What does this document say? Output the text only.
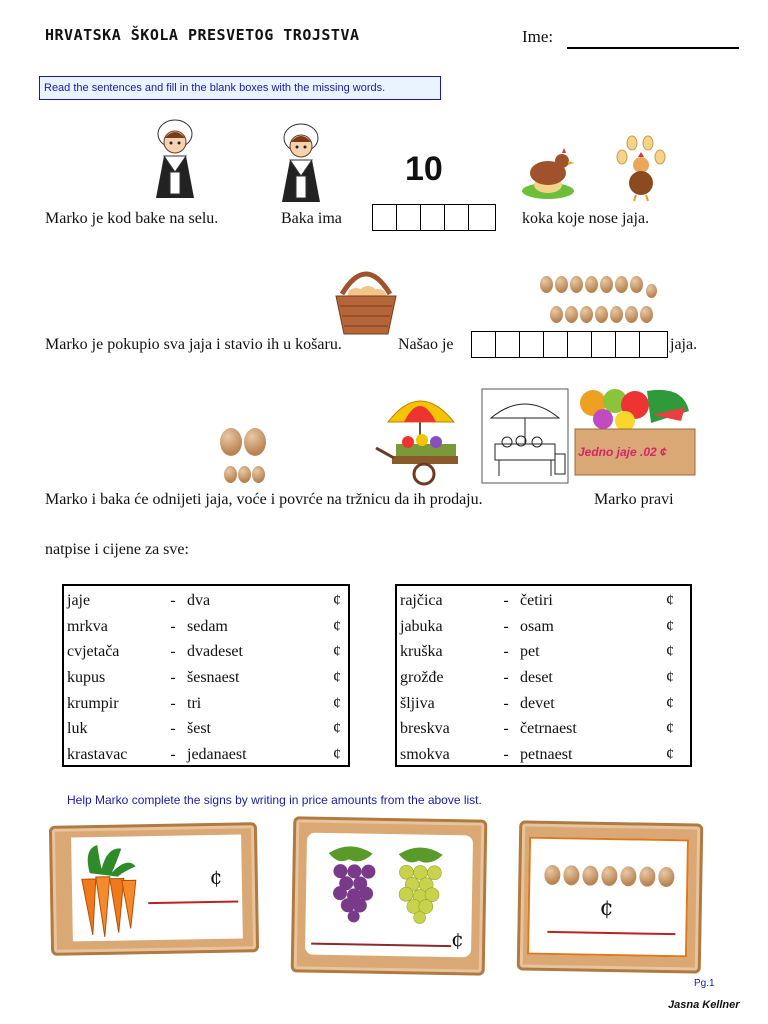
HRVATSKA ŠKOLA PRESVETOG TROJSTVA	Ime:
Read the sentences and fill in the blank boxes with the missing words.
10
Marko je kod bake na selu.	Baka ima	koka koje nose jaja.
Marko je pokupio sva jaja i stavio ih u košaru.	Našao je	jaja.
Jedno jaje .02 ¢
Marko i baka će odnijeti jaja, voće i povrće na tržnicu da ih prodaju.	Marko pravi
natpise i cijene za sve:
jaje	- dva	¢
mrkva	- sedam	¢
cvjetača	- dvadeset	¢
kupus	- šesnaest	¢
krumpir	- tri	¢
luk	- šest	¢
krastavac	- jedanaest	¢
rajčica	- četiri	¢
jabuka	- osam	¢
kruška	- pet	¢
grožđe	- deset	¢
šljiva	- devet	¢
breskva	- četrnaest	¢
smokva	- petnaest	¢
Help Marko complete the signs by writing in price amounts from the above list.
¢
¢
¢
Pg.1
Jasna Kellner
